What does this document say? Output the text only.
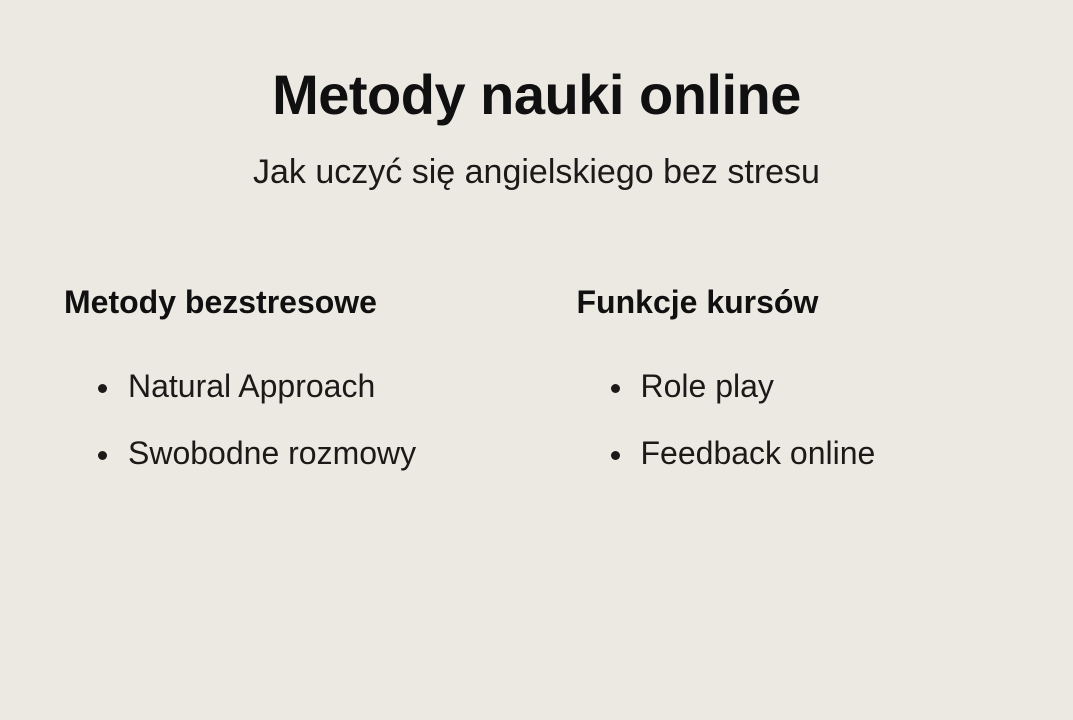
Metody nauki online
Jak uczyć się angielskiego bez stresu
Metody bezstresowe
Natural Approach
Swobodne rozmowy
Funkcje kursów
Role play
Feedback online
